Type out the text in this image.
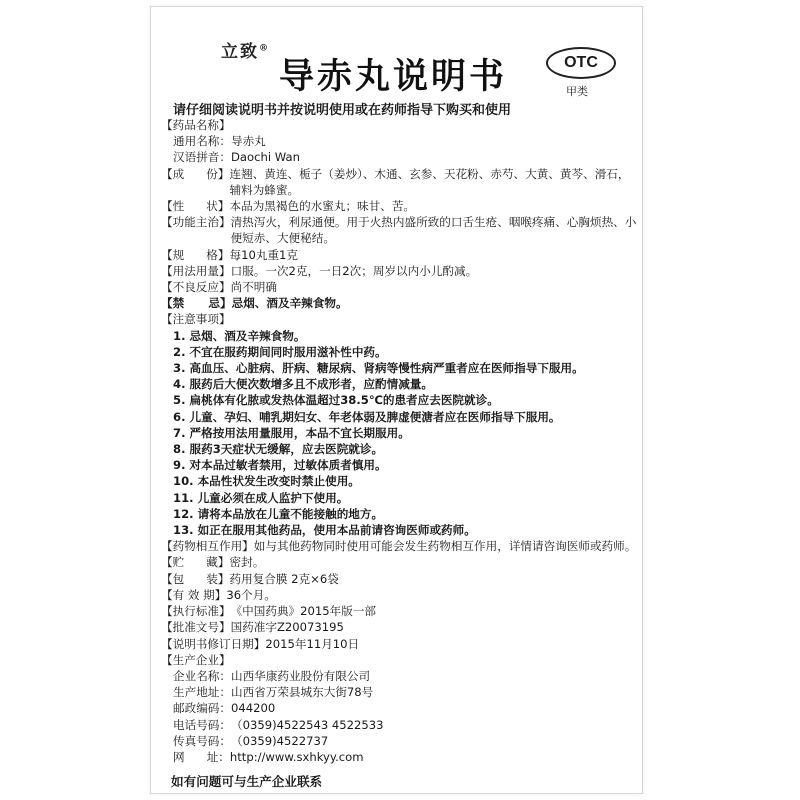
立致®
导赤丸说明书	OTC
甲类
请仔细阅读说明书并按说明使用或在药师指导下购买和使用
【药品名称】
通用名称： 导赤丸
汉语拼音： Daochi Wan
【成      份】 连翘、黄连、栀子（姜炒）、木通、玄参、天花粉、赤芍、大黄、黄芩、滑石，辅料为蜂蜜。
【性      状】 本品为黑褐色的水蜜丸；味甘、苦。
【功能主治】 清热泻火，利尿通便。用于火热内盛所致的口舌生疮、咽喉疼痛、心胸烦热、小便短赤、大便秘结。
【规      格】 每10丸重1克
【用法用量】 口服。一次2克，一日2次；周岁以内小儿酌减。
【不良反应】 尚不明确
【禁      忌】 忌烟、酒及辛辣食物。
【注意事项】
1. 忌烟、酒及辛辣食物。
2. 不宜在服药期间同时服用滋补性中药。
3. 高血压、心脏病、肝病、糖尿病、肾病等慢性病严重者应在医师指导下服用。
4. 服药后大便次数增多且不成形者，应酌情减量。
5. 扁桃体有化脓或发热体温超过38.5℃的患者应去医院就诊。
6. 儿童、孕妇、哺乳期妇女、年老体弱及脾虚便溏者应在医师指导下服用。
7. 严格按用法用量服用，本品不宜长期服用。
8. 服药3天症状无缓解，应去医院就诊。
9. 对本品过敏者禁用，过敏体质者慎用。
10. 本品性状发生改变时禁止使用。
11. 儿童必须在成人监护下使用。
12. 请将本品放在儿童不能接触的地方。
13. 如正在服用其他药品，使用本品前请咨询医师或药师。
【药物相互作用】 如与其他药物同时使用可能会发生药物相互作用，详情请咨询医师或药师。
【贮      藏】 密封。
【包      装】 药用复合膜 2克×6袋
【有 效 期】 36个月。
【执行标准】 《中国药典》2015年版一部
【批准文号】 国药准字Z20073195
【说明书修订日期】 2015年11月10日
【生产企业】
企业名称： 山西华康药业股份有限公司
生产地址： 山西省万荣县城东大街78号
邮政编码： 044200
电话号码： （0359)4522543 4522533
传真号码： （0359)4522737
网      址： http://www.sxhkyy.com
如有问题可与生产企业联系
